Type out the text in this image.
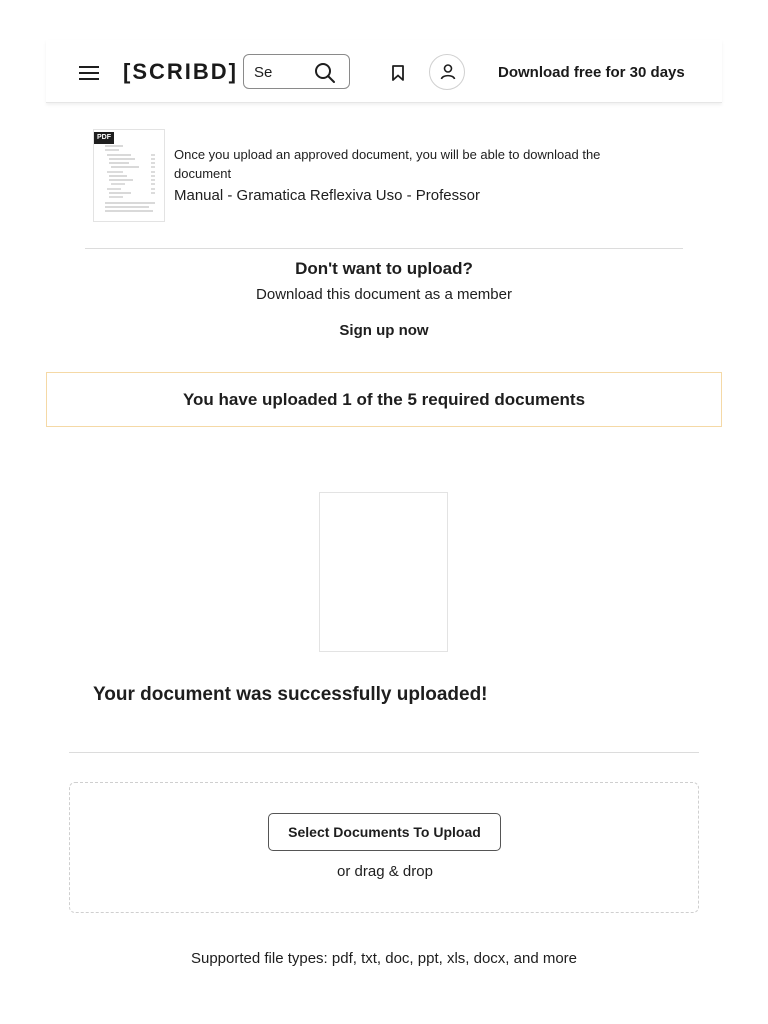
[SCRIBD]
Se	Download free for 30 days
PDF
Once you upload an approved document, you will be able to download the document
Manual - Gramatica Reflexiva Uso - Professor
Don't want to upload?
Download this document as a member
Sign up now
You have uploaded 1 of the 5 required documents
Your document was successfully uploaded!
Select Documents To Upload
or drag & drop
Supported file types: pdf, txt, doc, ppt, xls, docx, and more
